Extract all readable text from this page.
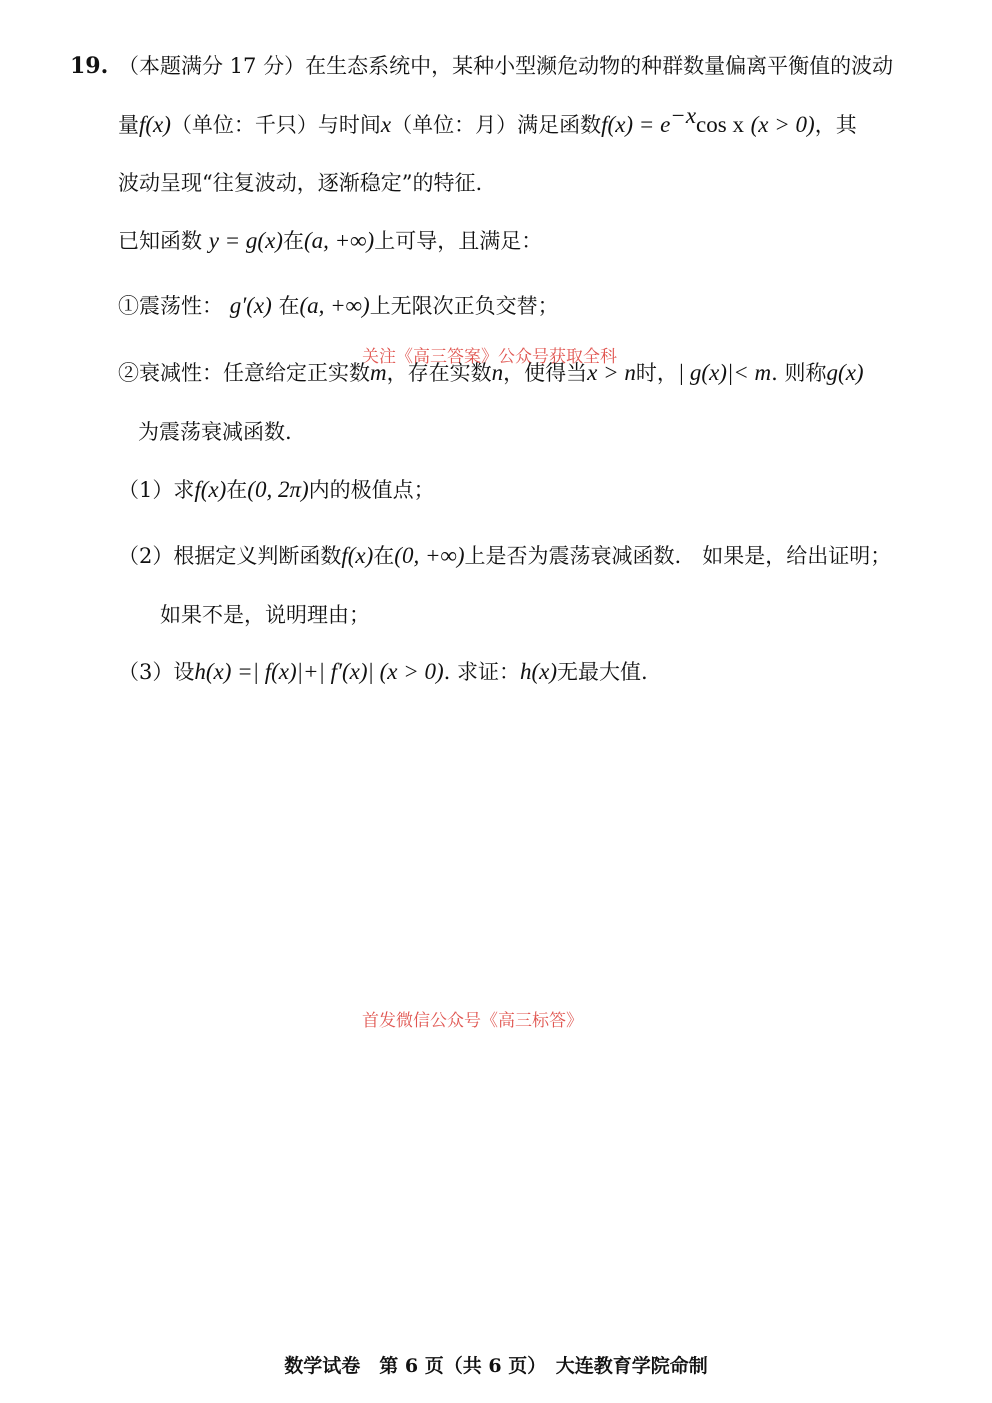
19. （本题满分 17 分）在生态系统中，某种小型濒危动物的种群数量偏离平衡值的波动
量f(x)（单位：千只）与时间x（单位：月）满足函数$f(x) = e^{-x}\cos$ x (x > 0)，其
波动呈现“往复波动，逐渐稳定”的特征.
已知函数 y = g(x)在(a, +∞)上可导，且满足：
①震荡性： g′(x) 在(a, +∞)上无限次正负交替；
关注《高三答案》公众号获取全科
②衰减性：任意给定正实数m，存在实数n，使得当x > n时，| g(x)|< m. 则称g(x)
为震荡衰减函数.
（1）求f(x)在(0, 2π)内的极值点；
（2）根据定义判断函数f(x)在(0, +∞)上是否为震荡衰减函数.　如果是，给出证明；
如果不是，说明理由；
（3）设h(x) =| f(x)|+| f′(x)| (x > 0). 求证：h(x)无最大值.
首发微信公众号《高三标答》
数学试卷　第 6 页（共 6 页）　大连教育学院命制
